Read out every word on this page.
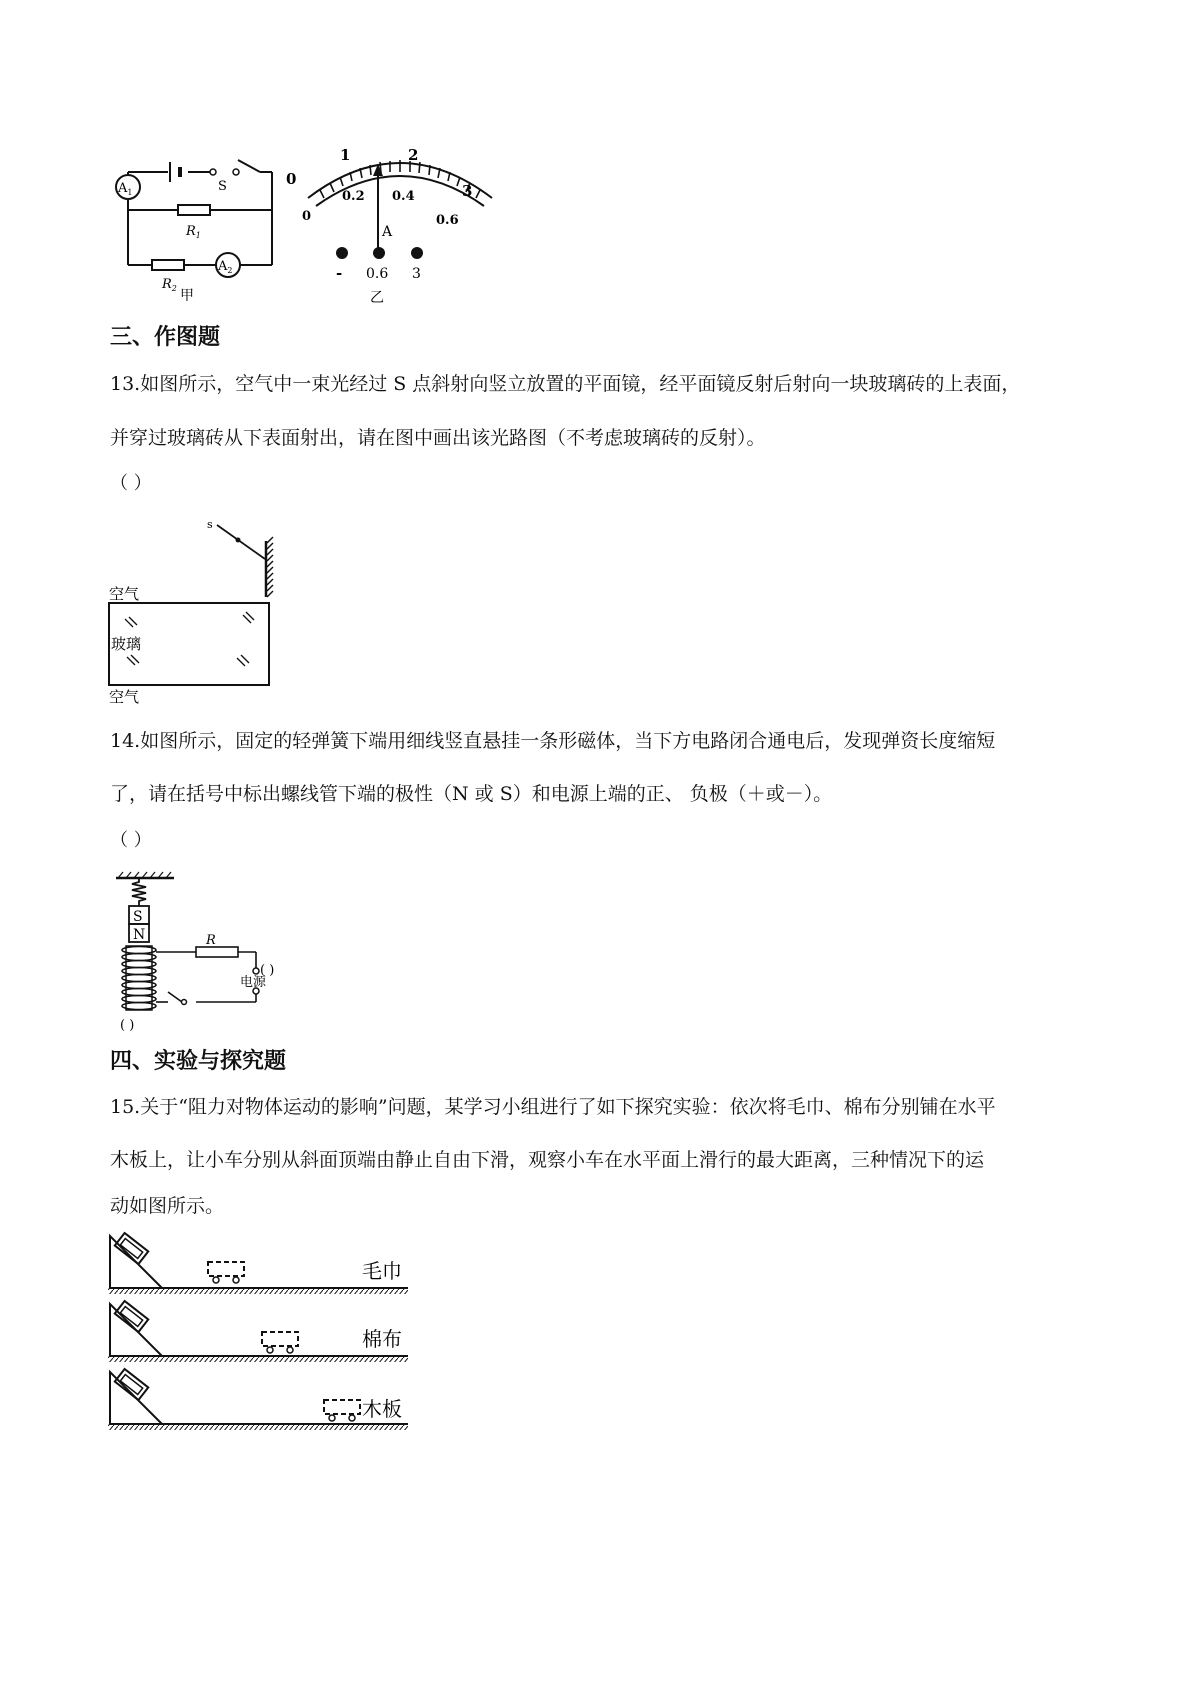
$A_1$
$A_2$
S
$R_1$
$R_2$ 甲
0
1	2
3
0
0.2 0.4
0.6
A
- 0.6 3
乙
三、作图题
13.如图所示，空气中一束光经过 S 点斜射向竖立放置的平面镜，经平面镜反射后射向一块玻璃砖的上表面，
并穿过玻璃砖从下表面射出，请在图中画出该光路图（不考虑玻璃砖的反射）。
（ ）
s
空气
玻璃
空气
14.如图所示，固定的轻弹簧下端用细线竖直悬挂一条形磁体，当下方电路闭合通电后，发现弹资长度缩短
了，请在括号中标出螺线管下端的极性（N 或 S）和电源上端的正、 负极（＋或－）。
（ ）
S
N	R
电源
( )
( )
四、实验与探究题
15.关于“阻力对物体运动的影响”问题，某学习小组进行了如下探究实验：依次将毛巾、棉布分别铺在水平
木板上，让小车分别从斜面顶端由静止自由下滑，观察小车在水平面上滑行的最大距离，三种情况下的运
动如图所示。
毛巾
棉布
木板
